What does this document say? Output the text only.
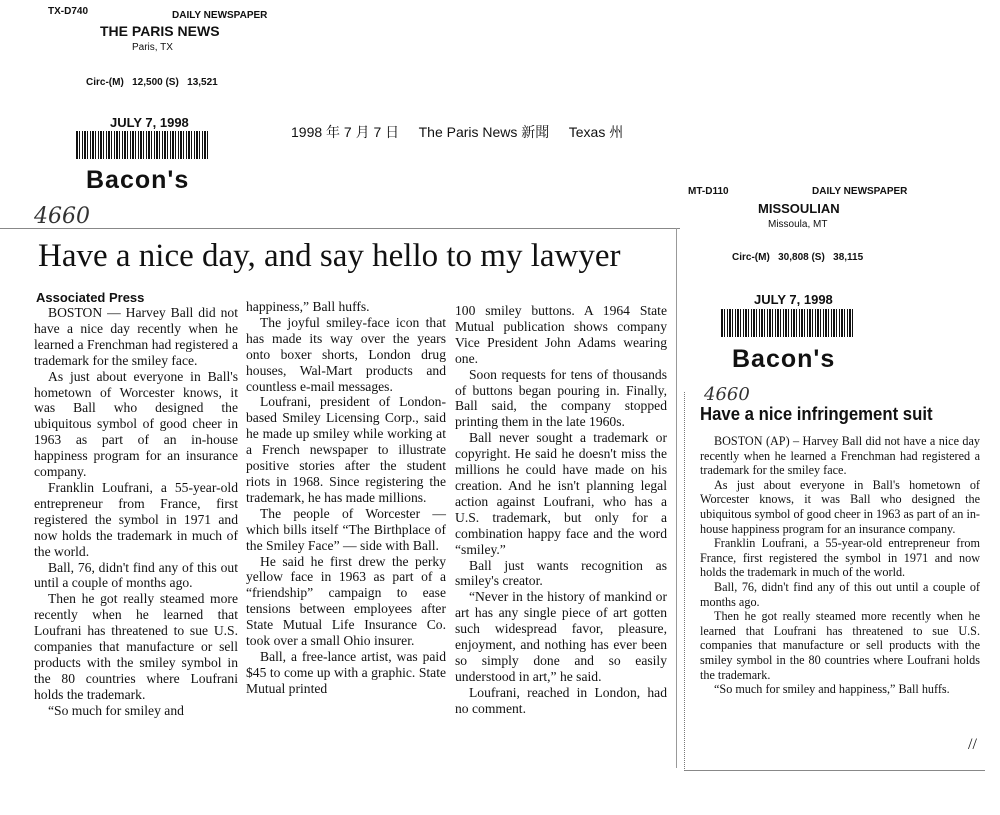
TX-D740	DAILY NEWSPAPER
THE PARIS NEWS
Paris, TX
Circ-(M)   12,500 (S)   13,521
JULY 7, 1998
Bacon's
4660
1998 年 7 月 7 日     The Paris News 新聞     Texas 州
Have a nice day, and say hello to my lawyer
Associated Press

BOSTON — Harvey Ball did not have a nice day recently when he learned a Frenchman had registered a trademark for the smiley face.

As just about everyone in Ball's hometown of Worcester knows, it was Ball who designed the ubiquitous symbol of good cheer in 1963 as part of an in-house happiness program for an insurance company.

Franklin Loufrani, a 55-year-old entrepreneur from France, first registered the symbol in 1971 and now holds the trademark in much of the world.

Ball, 76, didn't find any of this out until a couple of months ago.

Then he got really steamed more recently when he learned that Loufrani has threatened to sue U.S. companies that manufacture or sell products with the smiley symbol in the 80 countries where Loufrani holds the trademark.

“So much for smiley and

happiness,” Ball huffs.

The joyful smiley-face icon that has made its way over the years onto boxer shorts, London drug houses, Wal-Mart products and countless e-mail messages.

Loufrani, president of London-based Smiley Licensing Corp., said he made up smiley while working at a French newspaper to illustrate positive stories after the student riots in 1968. Since registering the trademark, he has made millions.

The people of Worcester — which bills itself “The Birthplace of the Smiley Face” — side with Ball.

He said he first drew the perky yellow face in 1963 as part of a “friendship” campaign to ease tensions between employees after State Mutual Life Insurance Co. took over a small Ohio insurer.

Ball, a free-lance artist, was paid $45 to come up with a graphic. State Mutual printed

100 smiley buttons. A 1964 State Mutual publication shows company Vice President John Adams wearing one.

Soon requests for tens of thousands of buttons began pouring in. Finally, Ball said, the company stopped printing them in the late 1960s.

Ball never sought a trademark or copyright. He said he doesn't miss the millions he could have made on his creation. And he isn't planning legal action against Loufrani, who has a U.S. trademark, but only for a combination happy face and the word “smiley.”

Ball just wants recognition as smiley's creator.

“Never in the history of mankind or art has any single piece of art gotten such widespread favor, pleasure, enjoyment, and nothing has ever been so simply done and so easily understood in art,” he said.

Loufrani, reached in London, had no comment.

MT-D110	DAILY NEWSPAPER
MISSOULIAN
Missoula, MT
Circ-(M)   30,808 (S)   38,115
JULY 7, 1998
Bacon's
4660
Have a nice infringement suit

BOSTON (AP) – Harvey Ball did not have a nice day recently when he learned a Frenchman had registered a trademark for the smiley face.

As just about everyone in Ball's hometown of Worcester knows, it was Ball who designed the ubiquitous symbol of good cheer in 1963 as part of an in-house happiness program for an insurance company.

Franklin Loufrani, a 55-year-old entrepreneur from France, first registered the symbol in 1971 and now holds the trademark in much of the world.

Ball, 76, didn't find any of this out until a couple of months ago.

Then he got really steamed more recently when he learned that Loufrani has threatened to sue U.S. companies that manufacture or sell products with the smiley symbol in the 80 countries where Loufrani holds the trademark.

“So much for smiley and happiness,” Ball huffs.

//
